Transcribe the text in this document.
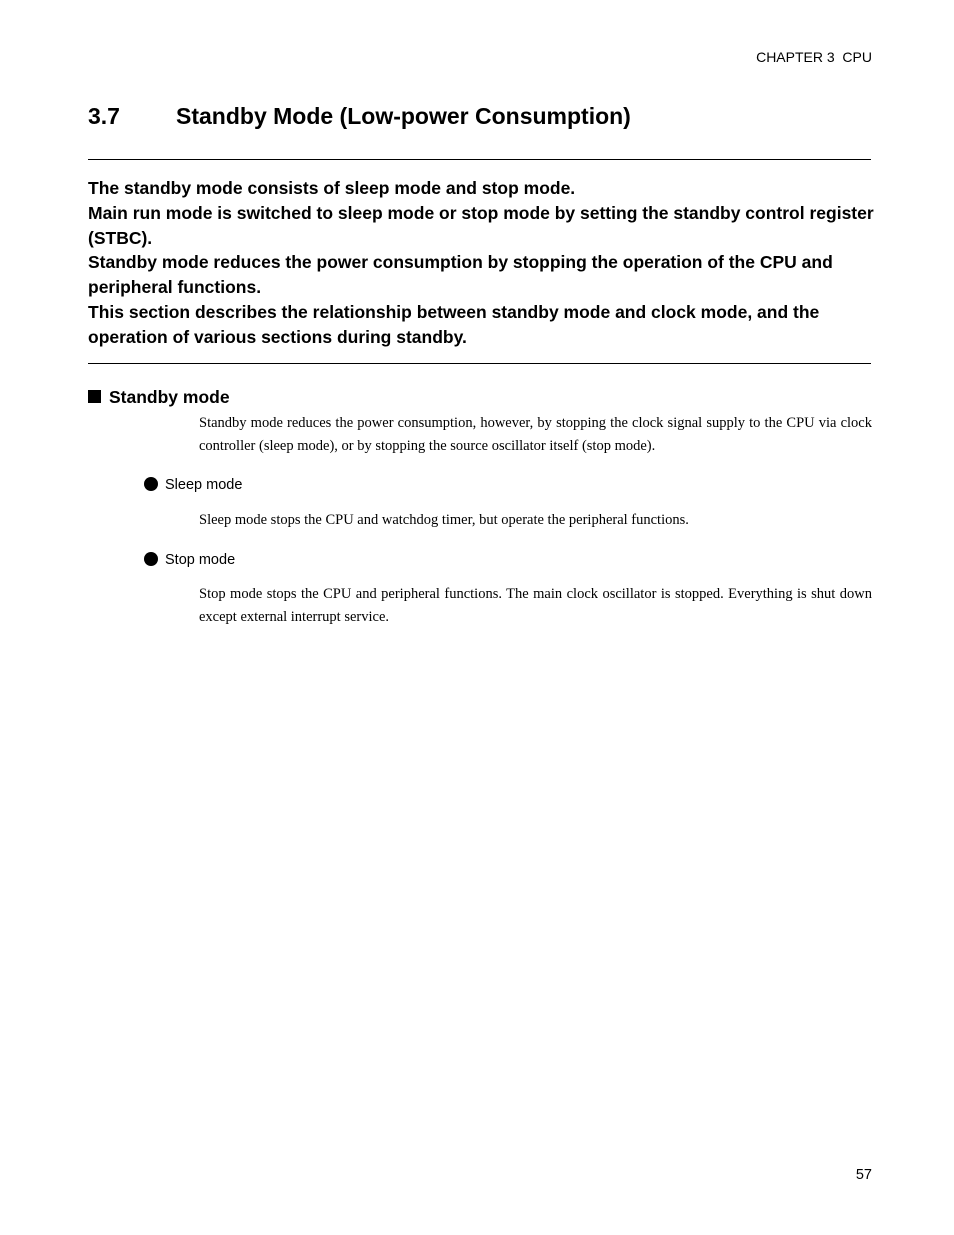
CHAPTER 3  CPU
3.7 Standby Mode (Low-power Consumption)

The standby mode consists of sleep mode and stop mode.

Main run mode is switched to sleep mode or stop mode by setting the standby control register (STBC).

Standby mode reduces the power consumption by stopping the operation of the CPU and peripheral functions.

This section describes the relationship between standby mode and clock mode, and the operation of various sections during standby.

Standby mode

Standby mode reduces the power consumption, however, by stopping the clock signal supply to the CPU via clock controller (sleep mode), or by stopping the source oscillator itself (stop mode).

Sleep mode

Sleep mode stops the CPU and watchdog timer, but operate the peripheral functions.

Stop mode

Stop mode stops the CPU and peripheral functions. The main clock oscillator is stopped. Everything is shut down except external interrupt service.

57
